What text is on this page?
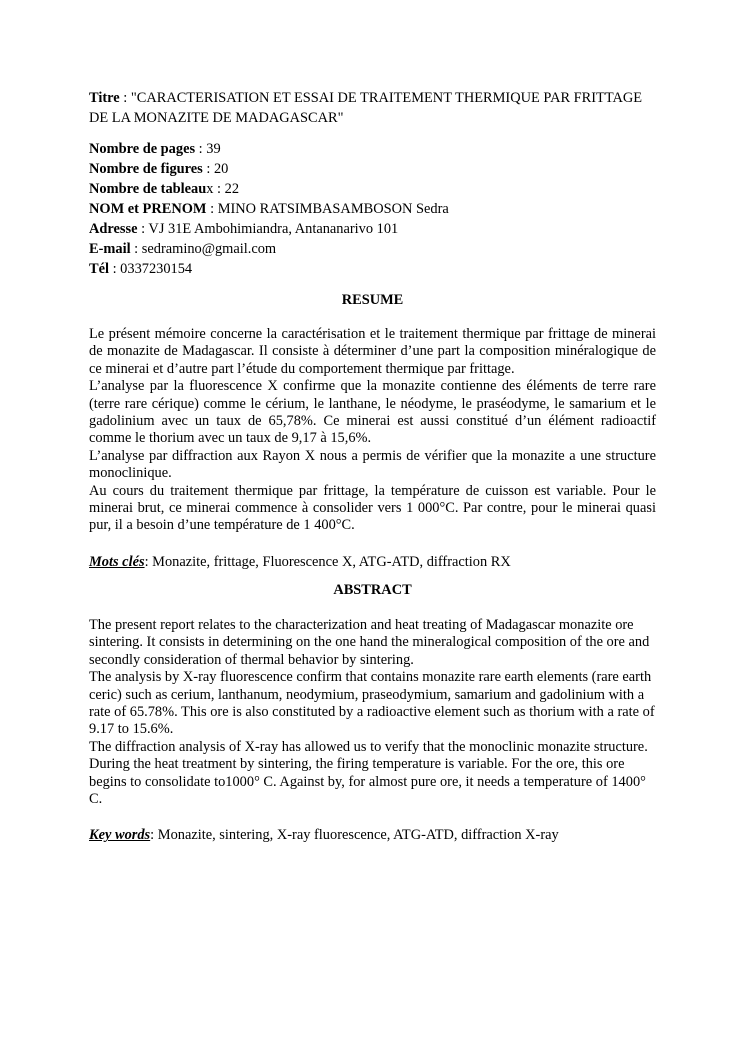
Titre : "CARACTERISATION ET ESSAI DE TRAITEMENT THERMIQUE PAR FRITTAGE DE LA MONAZITE DE MADAGASCAR"
Nombre de pages : 39
Nombre de figures : 20
Nombre de tableaux : 22
NOM et PRENOM : MINO RATSIMBASAMBOSON Sedra
Adresse : VJ 31E Ambohimiandra, Antananarivo 101
E-mail : sedramino@gmail.com
Tél : 0337230154
RESUME

Le présent mémoire concerne la caractérisation et le traitement thermique par frittage de minerai de monazite de Madagascar. Il consiste à déterminer d’une part la composition minéralogique de ce minerai et d’autre part l’étude du comportement thermique par frittage.

L’analyse par la fluorescence X confirme que la monazite contienne des éléments de terre rare (terre rare cérique) comme le cérium, le lanthane, le néodyme, le praséodyme, le samarium et le gadolinium avec un taux de 65,78%. Ce minerai est aussi constitué d’un élément radioactif comme le thorium avec un taux de 9,17 à 15,6%.

L’analyse par diffraction aux Rayon X nous a permis de vérifier que la monazite a une structure monoclinique.

Au cours du traitement thermique par frittage, la température de cuisson est variable. Pour le minerai brut, ce minerai commence à consolider vers 1 000°C. Par contre, pour le minerai quasi pur, il a besoin d’une température de 1 400°C.

Mots clés: Monazite, frittage, Fluorescence X, ATG-ATD, diffraction RX
ABSTRACT

The present report relates to the characterization and heat treating of Madagascar monazite ore sintering. It consists in determining on the one hand the mineralogical composition of the ore and secondly consideration of thermal behavior by sintering.

The analysis by X-ray fluorescence confirm that contains monazite rare earth elements (rare earth ceric) such as cerium, lanthanum, neodymium, praseodymium, samarium and gadolinium with a rate of 65.78%. This ore is also constituted by a radioactive element such as thorium with a rate of 9.17 to 15.6%.

The diffraction analysis of X-ray has allowed us to verify that the monoclinic monazite structure.

During the heat treatment by sintering, the firing temperature is variable. For the ore, this ore begins to consolidate to1000° C. Against by, for almost pure ore, it needs a temperature of 1400° C.

Key words: Monazite, sintering, X-ray fluorescence, ATG-ATD, diffraction X-ray
